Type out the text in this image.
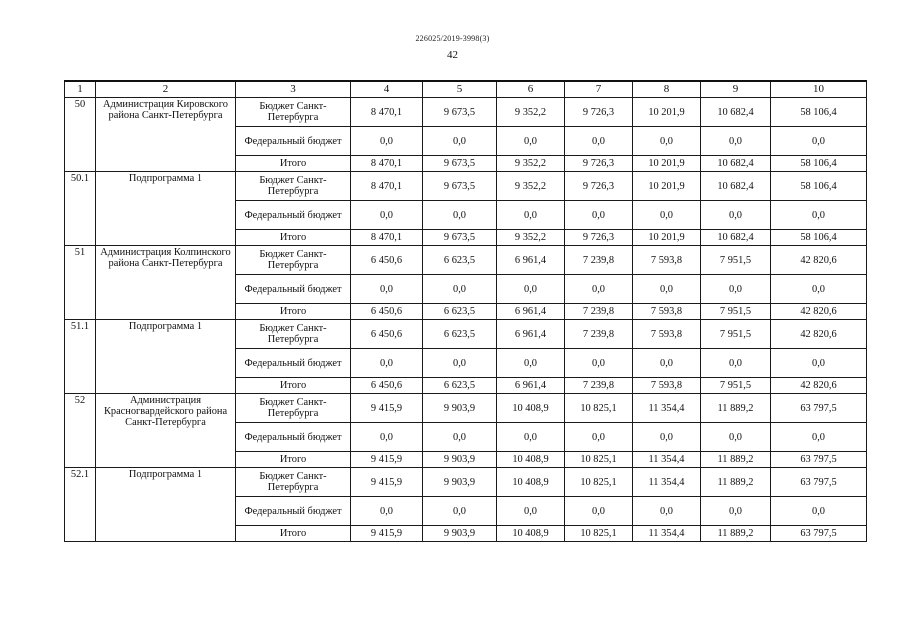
226025/2019-3998(3)
42
1	2	3	4	5	6	7	8	9	10
50	Администрация Кировского района Санкт-Петербурга	Бюджет Санкт-Петербурга	8 470,1	9 673,5	9 352,2	9 726,3	10 201,9	10 682,4	58 106,4
		Федеральный бюджет	0,0	0,0	0,0	0,0	0,0	0,0	0,0
		Итого	8 470,1	9 673,5	9 352,2	9 726,3	10 201,9	10 682,4	58 106,4
50.1	Подпрограмма 1	Бюджет Санкт-Петербурга	8 470,1	9 673,5	9 352,2	9 726,3	10 201,9	10 682,4	58 106,4
		Федеральный бюджет	0,0	0,0	0,0	0,0	0,0	0,0	0,0
		Итого	8 470,1	9 673,5	9 352,2	9 726,3	10 201,9	10 682,4	58 106,4
51	Администрация Колпинского района Санкт-Петербурга	Бюджет Санкт-Петербурга	6 450,6	6 623,5	6 961,4	7 239,8	7 593,8	7 951,5	42 820,6
		Федеральный бюджет	0,0	0,0	0,0	0,0	0,0	0,0	0,0
		Итого	6 450,6	6 623,5	6 961,4	7 239,8	7 593,8	7 951,5	42 820,6
51.1	Подпрограмма 1	Бюджет Санкт-Петербурга	6 450,6	6 623,5	6 961,4	7 239,8	7 593,8	7 951,5	42 820,6
		Федеральный бюджет	0,0	0,0	0,0	0,0	0,0	0,0	0,0
		Итого	6 450,6	6 623,5	6 961,4	7 239,8	7 593,8	7 951,5	42 820,6
52	Администрация Красногвардейского района Санкт-Петербурга	Бюджет Санкт-Петербурга	9 415,9	9 903,9	10 408,9	10 825,1	11 354,4	11 889,2	63 797,5
		Федеральный бюджет	0,0	0,0	0,0	0,0	0,0	0,0	0,0
		Итого	9 415,9	9 903,9	10 408,9	10 825,1	11 354,4	11 889,2	63 797,5
52.1	Подпрограмма 1	Бюджет Санкт-Петербурга	9 415,9	9 903,9	10 408,9	10 825,1	11 354,4	11 889,2	63 797,5
		Федеральный бюджет	0,0	0,0	0,0	0,0	0,0	0,0	0,0
		Итого	9 415,9	9 903,9	10 408,9	10 825,1	11 354,4	11 889,2	63 797,5
